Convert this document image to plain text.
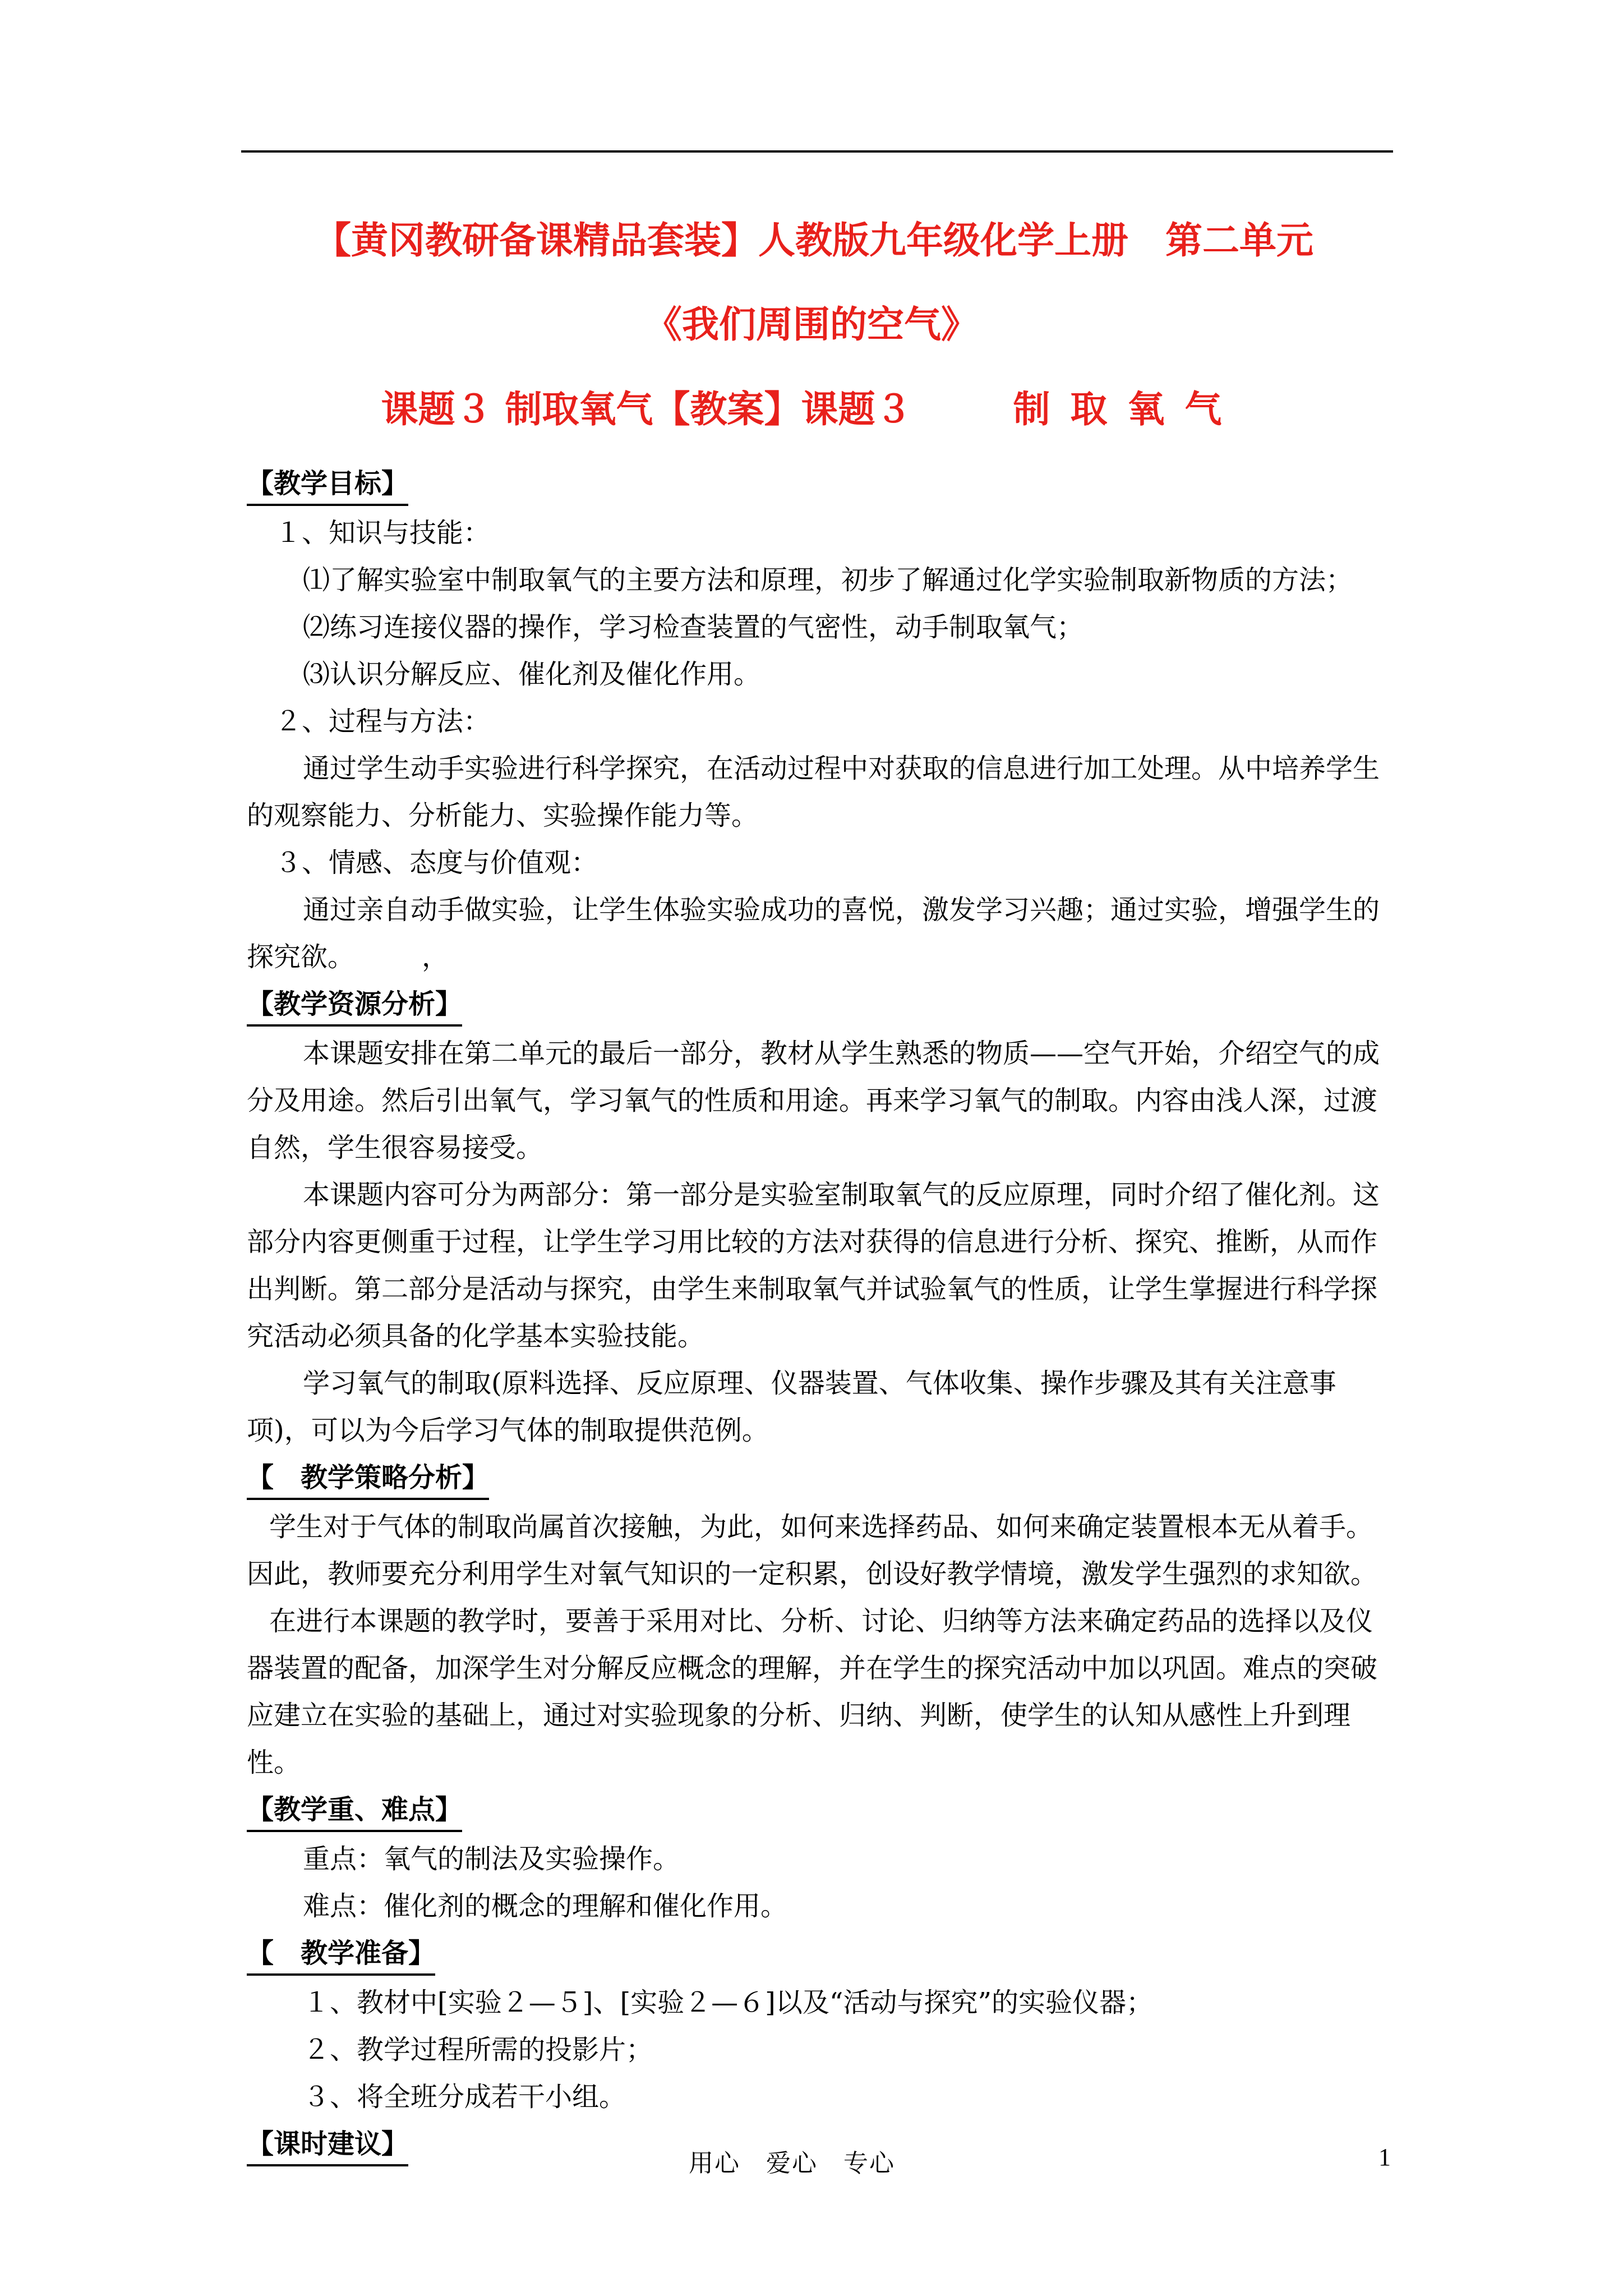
【黄冈教研备课精品套装】人教版九年级化学上册　第二单元
《我们周围的空气》
课题３ 制取氧气【教案】课题３	制取氧气

【教学目标】

１、知识与技能：

⑴了解实验室中制取氧气的主要方法和原理，初步了解通过化学实验制取新物质的方法；

⑵练习连接仪器的操作，学习检查装置的气密性，动手制取氧气；

⑶认识分解反应、催化剂及催化作用。

２、过程与方法：

通过学生动手实验进行科学探究，在活动过程中对获取的信息进行加工处理。从中培养学生的观察能力、分析能力、实验操作能力等。

３、情感、态度与价值观：

通过亲自动手做实验，让学生体验实验成功的喜悦，激发学习兴趣；通过实验，增强学生的探究欲。　　　，

【教学资源分析】

本课题安排在第二单元的最后一部分，教材从学生熟悉的物质——空气开始，介绍空气的成分及用途。然后引出氧气，学习氧气的性质和用途。再来学习氧气的制取。内容由浅人深，过渡自然，学生很容易接受。

本课题内容可分为两部分：第一部分是实验室制取氧气的反应原理，同时介绍了催化剂。这部分内容更侧重于过程，让学生学习用比较的方法对获得的信息进行分析、探究、推断，从而作出判断。第二部分是活动与探究，由学生来制取氧气并试验氧气的性质，让学生掌握进行科学探究活动必须具备的化学基本实验技能。

学习氧气的制取(原料选择、反应原理、仪器装置、气体收集、操作步骤及其有关注意事项)，可以为今后学习气体的制取提供范例。

【　教学策略分析】

学生对于气体的制取尚属首次接触，为此，如何来选择药品、如何来确定装置根本无从着手。因此，教师要充分利用学生对氧气知识的一定积累，创设好教学情境，激发学生强烈的求知欲。

在进行本课题的教学时，要善于采用对比、分析、讨论、归纳等方法来确定药品的选择以及仪器装置的配备，加深学生对分解反应概念的理解，并在学生的探究活动中加以巩固。难点的突破应建立在实验的基础上，通过对实验现象的分析、归纳、判断，使学生的认知从感性上升到理性。

【教学重、难点】

重点：氧气的制法及实验操作。

难点：催化剂的概念的理解和催化作用。

【　教学准备】

１、教材中[实验２—５]、[实验２—６]以及“活动与探究”的实验仪器；

２、教学过程所需的投影片；

３、将全班分成若干小组。

【课时建议】

用心　爱心　专心	1
